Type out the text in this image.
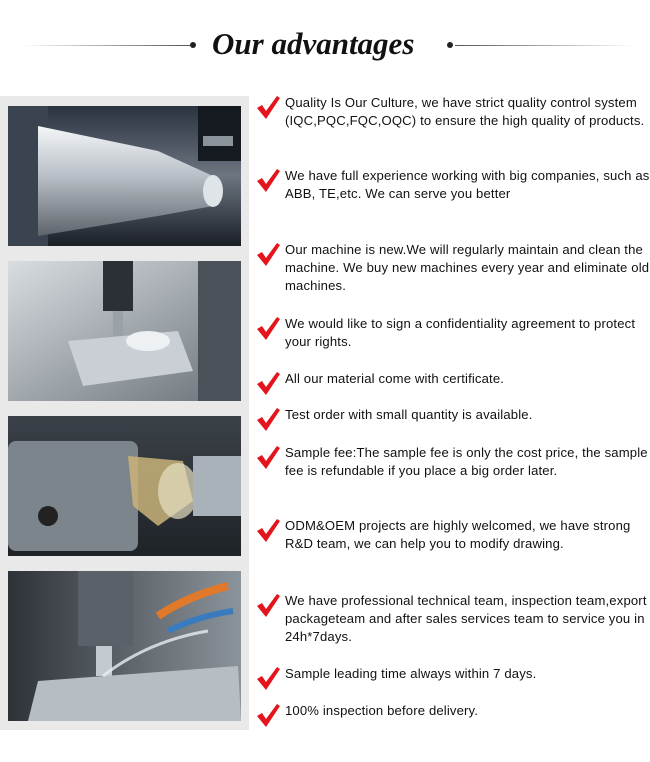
Our advantages
Quality Is Our Culture, we have strict quality control system (IQC,PQC,FQC,OQC) to ensure the high quality of products.
We have full experience working with big companies, such as ABB, TE,etc. We can serve you better
Our machine is new.We will regularly maintain and clean the machine. We buy new machines every year and eliminate old machines.
We would like to sign a confidentiality agreement to protect your rights.
All our material come with certificate.
Test order with small quantity is available.
Sample fee:The sample fee is only the cost price, the sample fee is refundable if you place a big order later.
ODM&OEM projects are highly welcomed, we have strong R&D team, we can help you to modify drawing.
We have professional technical team, inspection team,export packageteam and after sales services team to service you in 24h*7days.
Sample leading time always within 7 days.
100% inspection before delivery.
